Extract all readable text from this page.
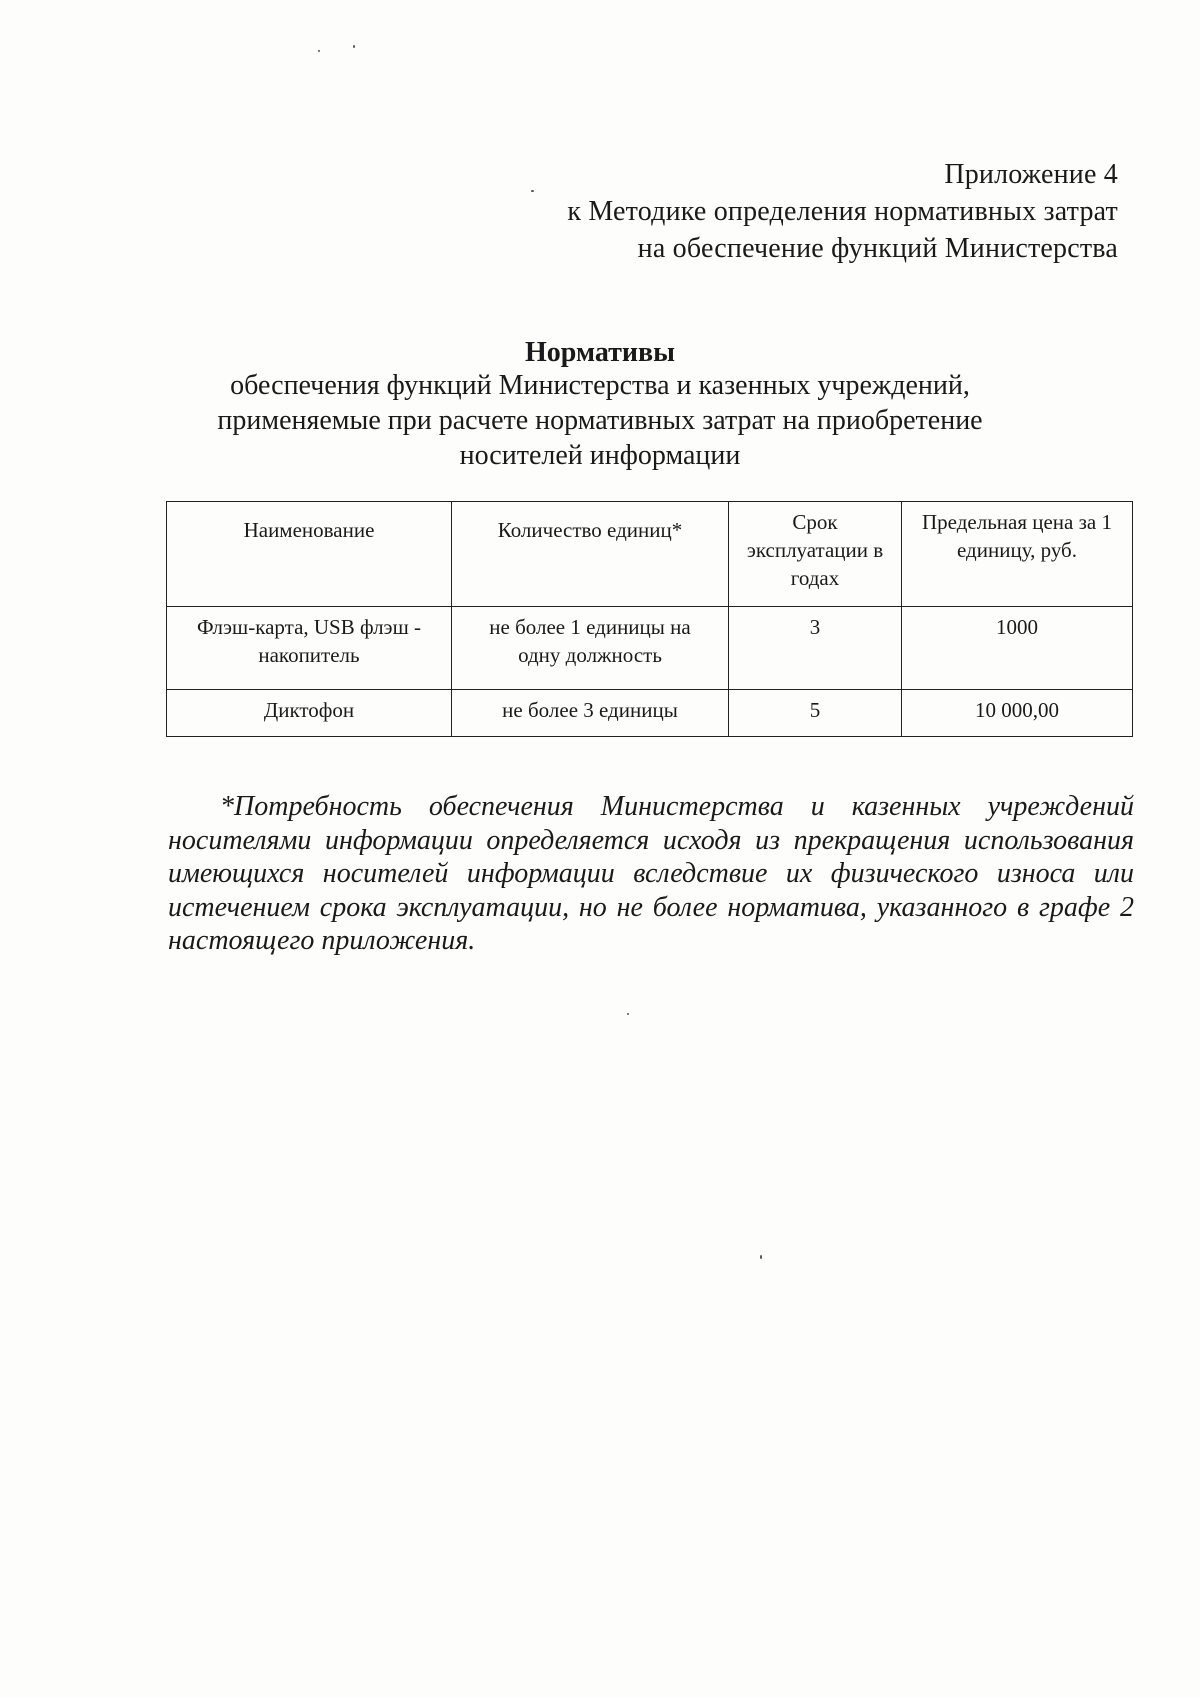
Приложение 4
к Методике определения нормативных затрат
на обеспечение функций Министерства
Нормативы
обеспечения функций Министерства и казенных учреждений,
применяемые при расчете нормативных затрат на приобретение
носителей информации
Наименование	Количество единиц*	Срок эксплуатации в годах	Предельная цена за 1 единицу, руб.
Флэш-карта, USB флэш - накопитель	не более 1 единицы на одну должность	3	1000
Диктофон	не более 3 единицы	5	10 000,00

*Потребность обеспечения Министерства и казенных учреждений носителями информации определяется исходя из прекращения использования имеющихся носителей информации вследствие их физического износа или истечением срока эксплуатации, но не более норматива, указанного в графе 2 настоящего приложения.
